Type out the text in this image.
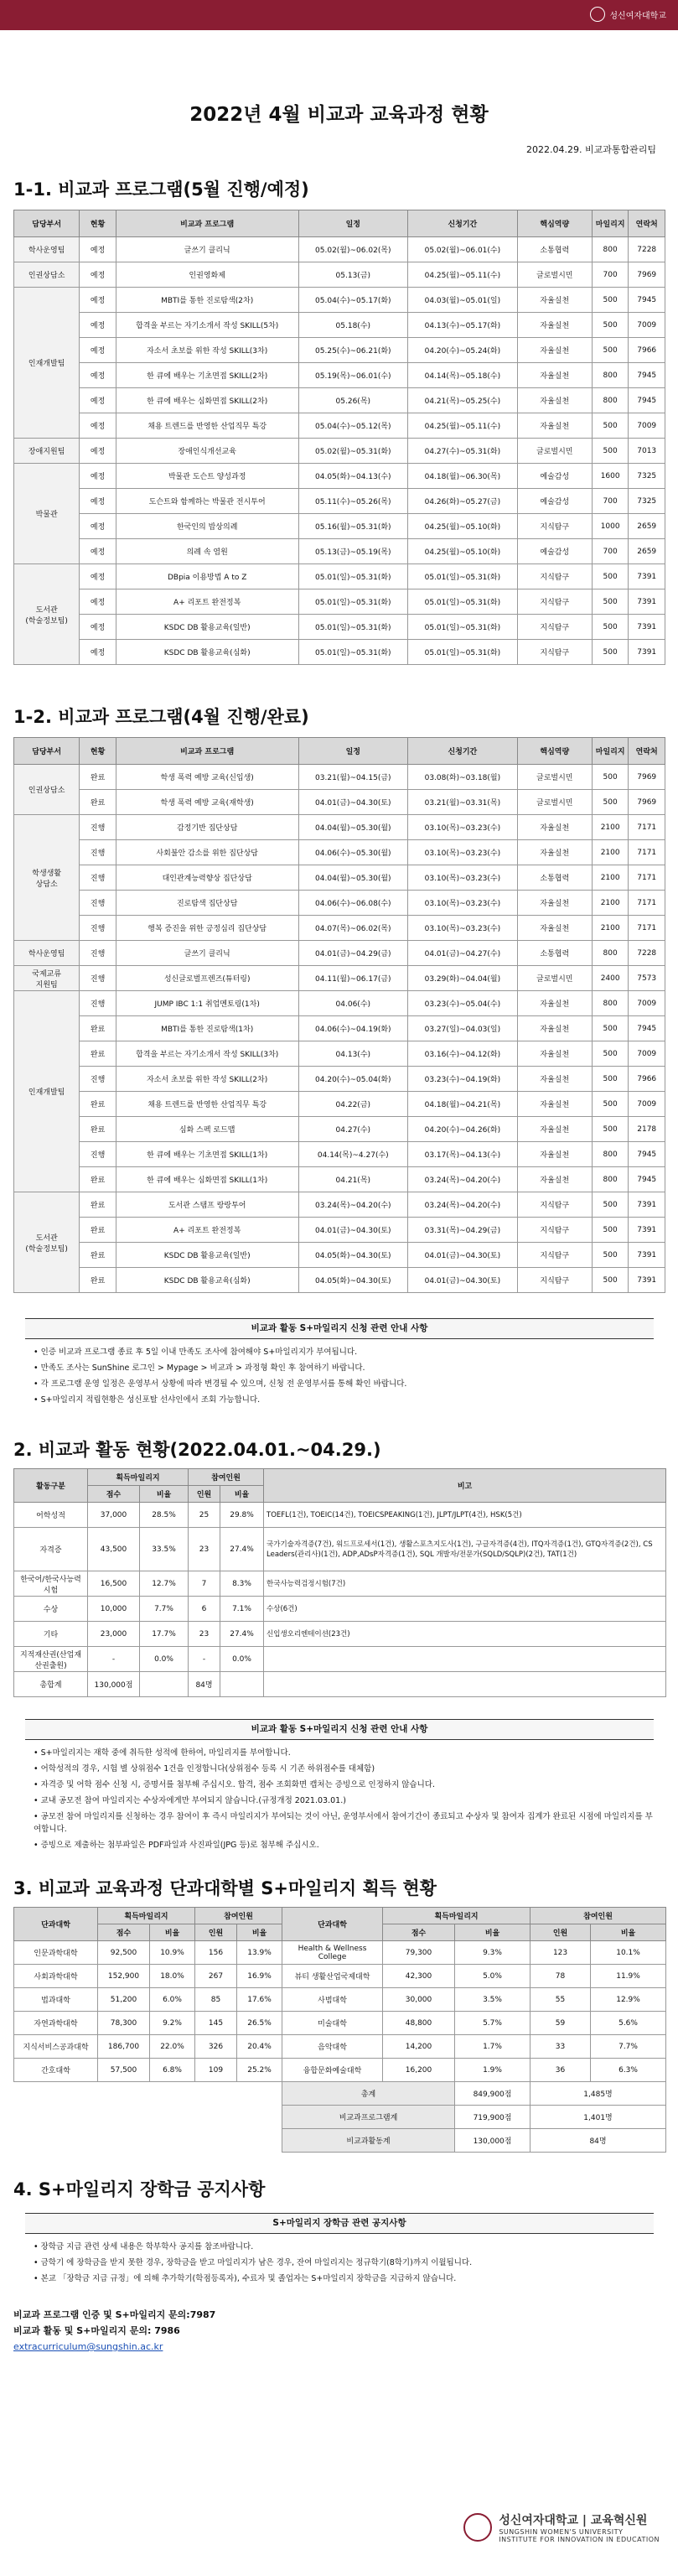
성신여자대학교
2022년 4월 비교과 교육과정 현황
2022.04.29. 비교과통합관리팀
1-1. 비교과 프로그램(5월 진행/예정)
담당부서	현황	비교과 프로그램	일정	신청기간	핵심역량	마일리지	연락처
학사운영팀	예정	글쓰기 클리닉	05.02(월)~06.02(목)	05.02(월)~06.01(수)	소통협력	800	7228
인권상담소	예정	인권영화제	05.13(금)	04.25(월)~05.11(수)	글로벌시민	700	7969
인재개발팀	예정	MBTI를 통한 진로탐색(2차)	05.04(수)~05.17(화)	04.03(월)~05.01(일)	자율실천	500	7945
	예정	합격을 부르는 자기소개서 작성 SKILL(5차)	05.18(수)	04.13(수)~05.17(화)	자율실천	500	7009
	예정	자소서 초보를 위한 작성 SKILL(3차)	05.25(수)~06.21(화)	04.20(수)~05.24(화)	자율실천	500	7966
	예정	한 큐에 배우는 기초면접 SKILL(2차)	05.19(목)~06.01(수)	04.14(목)~05.18(수)	자율실천	800	7945
	예정	한 큐에 배우는 심화면접 SKILL(2차)	05.26(목)	04.21(목)~05.25(수)	자율실천	800	7945
	예정	채용 트렌드를 반영한 산업직무 특강	05.04(수)~05.12(목)	04.25(월)~05.11(수)	자율실천	500	7009
장애지원팀	예정	장애인식개선교육	05.02(월)~05.31(화)	04.27(수)~05.31(화)	글로벌시민	500	7013
박물관	예정	박물관 도슨트 양성과정	04.05(화)~04.13(수)	04.18(월)~06.30(목)	예술감성	1600	7325
	예정	도슨트와 함께하는 박물관 전시투어	05.11(수)~05.26(목)	04.26(화)~05.27(금)	예술감성	700	7325
	예정	한국인의 밥상의례	05.16(월)~05.31(화)	04.25(월)~05.10(화)	지식탐구	1000	2659
	예정	의례 속 염원	05.13(금)~05.19(목)	04.25(월)~05.10(화)	예술감성	700	2659
도서관
(학술정보팀)	예정	DBpia 이용방법 A to Z	05.01(일)~05.31(화)	05.01(일)~05.31(화)	지식탐구	500	7391
	예정	A+ 리포트 완전정복	05.01(일)~05.31(화)	05.01(일)~05.31(화)	지식탐구	500	7391
	예정	KSDC DB 활용교육(일반)	05.01(일)~05.31(화)	05.01(일)~05.31(화)	지식탐구	500	7391
	예정	KSDC DB 활용교육(심화)	05.01(일)~05.31(화)	05.01(일)~05.31(화)	지식탐구	500	7391
1-2. 비교과 프로그램(4월 진행/완료)
담당부서	현황	비교과 프로그램	일정	신청기간	핵심역량	마일리지	연락처
인권상담소	완료	학생 폭력 예방 교육(신입생)	03.21(월)~04.15(금)	03.08(화)~03.18(월)	글로벌시민	500	7969
	완료	학생 폭력 예방 교육(재학생)	04.01(금)~04.30(토)	03.21(월)~03.31(목)	글로벌시민	500	7969
학생생활
상담소	진행	감정기반 집단상담	04.04(월)~05.30(월)	03.10(목)~03.23(수)	자율실천	2100	7171
	진행	사회불안 감소를 위한 집단상담	04.06(수)~05.30(월)	03.10(목)~03.23(수)	자율실천	2100	7171
	진행	대인관계능력향상 집단상담	04.04(월)~05.30(월)	03.10(목)~03.23(수)	소통협력	2100	7171
	진행	진로탐색 집단상담	04.06(수)~06.08(수)	03.10(목)~03.23(수)	자율실천	2100	7171
	진행	행복 증진을 위한 긍정심리 집단상담	04.07(목)~06.02(목)	03.10(목)~03.23(수)	자율실천	2100	7171
학사운영팀	진행	글쓰기 클리닉	04.01(금)~04.29(금)	04.01(금)~04.27(수)	소통협력	800	7228
국제교류
지원팀	진행	성신글로벌프렌즈(튜터링)	04.11(월)~06.17(금)	03.29(화)~04.04(월)	글로벌시민	2400	7573
인재개발팀	진행	JUMP IBC 1:1 취업멘토링(1차)	04.06(수)	03.23(수)~05.04(수)	자율실천	800	7009
	완료	MBTI를 통한 진로탐색(1차)	04.06(수)~04.19(화)	03.27(일)~04.03(일)	자율실천	500	7945
	완료	합격을 부르는 자기소개서 작성 SKILL(3차)	04.13(수)	03.16(수)~04.12(화)	자율실천	500	7009
	진행	자소서 초보를 위한 작성 SKILL(2차)	04.20(수)~05.04(화)	03.23(수)~04.19(화)	자율실천	500	7966
	완료	채용 트렌드를 반영한 산업직무 특강	04.22(금)	04.18(월)~04.21(목)	자율실천	500	7009
	완료	심화 스펙 로드맵	04.27(수)	04.20(수)~04.26(화)	자율실천	500	2178
	진행	한 큐에 배우는 기초면접 SKILL(1차)	04.14(목)~4.27(수)	03.17(목)~04.13(수)	자율실천	800	7945
	완료	한 큐에 배우는 심화면접 SKILL(1차)	04.21(목)	03.24(목)~04.20(수)	자율실천	800	7945
도서관
(학술정보팀)	완료	도서관 스탬프 랑랑투어	03.24(목)~04.20(수)	03.24(목)~04.20(수)	지식탐구	500	7391
	완료	A+ 리포트 완전정복	04.01(금)~04.30(토)	03.31(목)~04.29(금)	지식탐구	500	7391
	완료	KSDC DB 활용교육(일반)	04.05(화)~04.30(토)	04.01(금)~04.30(토)	지식탐구	500	7391
	완료	KSDC DB 활용교육(심화)	04.05(화)~04.30(토)	04.01(금)~04.30(토)	지식탐구	500	7391
비교과 활동 S+마일리지 신청 관련 안내 사항
• 인증 비교과 프로그램 종료 후 5일 이내 만족도 조사에 참여해야 S+마일리지가 부여됩니다.
• 만족도 조사는 SunShine 로그인 > Mypage > 비교과 > 과정형 확인 후 참여하기 바랍니다.
• 각 프로그램 운영 일정은 운영부서 상황에 따라 변경될 수 있으며, 신청 전 운영부서를 통해 확인 바랍니다.
• S+마일리지 적립현황은 성신포탈 선샤인에서 조회 가능합니다.
2. 비교과 활동 현황(2022.04.01.~04.29.)
활동구분	획득마일리지		참여인원		비고
	점수	비율	인원	비율	
어학성적	37,000	28.5%	25	29.8%	TOEFL(1건), TOEIC(14건), TOEICSPEAKING(1건), JLPT/JLPT(4건), HSK(5건)
자격증	43,500	33.5%	23	27.4%	국가기술자격증(7건), 워드프로세서(1건), 생활스포츠지도사(1건), 구글자격증(4건), ITQ자격증(1건), GTQ자격증(2건), CS Leaders(관리사)(1건), ADP,ADsP자격증(1건), SQL 개발자/전문가(SQLD/SQLP)(2건), TAT(1건)
한국어/한국사능력시험	16,500	12.7%	7	8.3%	한국사능력검정시험(7건)
수상	10,000	7.7%	6	7.1%	수상(6건)
기타	23,000	17.7%	23	27.4%	신입생오리엔테이션(23건)
지적재산권(산업재산권출원)	-	0.0%	-	0.0%	
총합계	130,000점		84명		
비교과 활동 S+마일리지 신청 관련 안내 사항
• S+마일리지는 재학 중에 취득한 성적에 한하여, 마일리지를 부여합니다.
• 어학성적의 경우, 시험 별 상위점수 1건을 인정합니다(상위점수 등록 시 기존 하위점수를 대체함)
• 자격증 및 어학 점수 신청 시, 증명서를 첨부해 주십시오. 합격, 점수 조회화면 캡처는 증빙으로 인정하지 않습니다.
• 교내 공모전 참여 마일리지는 수상자에게만 부여되지 않습니다.(규정개정 2021.03.01.)
• 공모전 참여 마일리지를 신청하는 경우 참여이 후 즉시 마일리지가 부여되는 것이 아닌, 운영부서에서 참여기간이 종료되고 수상자 및 참여자 집계가 완료된 시점에 마일리지를 부여합니다.
• 증빙으로 제출하는 첨부파일은 PDF파일과 사진파일(JPG 등)로 첨부해 주십시오.
3. 비교과 교육과정 단과대학별 S+마일리지 획득 현황
단과대학	획득마일리지		참여인원		단과대학	획득마일리지		참여인원	
	점수	비율	인원	비율		점수	비율	인원	비율
인문과학대학	92,500	10.9%	156	13.9%	Health & Wellness College	79,300	9.3%	123	10.1%
사회과학대학	152,900	18.0%	267	16.9%	뷰티 생활산업국제대학	42,300	5.0%	78	11.9%
법과대학	51,200	6.0%	85	17.6%	사범대학	30,000	3.5%	55	12.9%
자연과학대학	78,300	9.2%	145	26.5%	미술대학	48,800	5.7%	59	5.6%
지식서비스공과대학	186,700	22.0%	326	20.4%	음악대학	14,200	1.7%	33	7.7%
간호대학	57,500	6.8%	109	25.2%	융합문화예술대학	16,200	1.9%	36	6.3%
					총계		849,900점	1,485명	
					비교과프로그램계		719,900점	1,401명	
					비교과활동계		130,000점	84명	
4. S+마일리지 장학금 공지사항
S+마일리지 장학금 관련 공지사항
• 장학금 지급 관련 상세 내용은 학부학사 공지를 참조바랍니다.
• 금학기 에 장학금을 받지 못한 경우, 장학금을 받고 마일리지가 남은 경우, 잔여 마일리지는 정규학기(8학기)까지 이월됩니다.
• 본교 「장학금 지급 규정」에 의해 추가학기(학점등록자), 수료자 및 졸업자는 S+마일리지 장학금을 지급하지 않습니다.
비교과 프로그램 인증 및 S+마일리지 문의:7987
비교과 활동 및 S+마일리지 문의: 7986
extracurriculum@sungshin.ac.kr
성신여자대학교 | 교육혁신원
SUNGSHIN WOMEN'S UNIVERSITY
INSTITUTE FOR INNOVATION IN EDUCATION
